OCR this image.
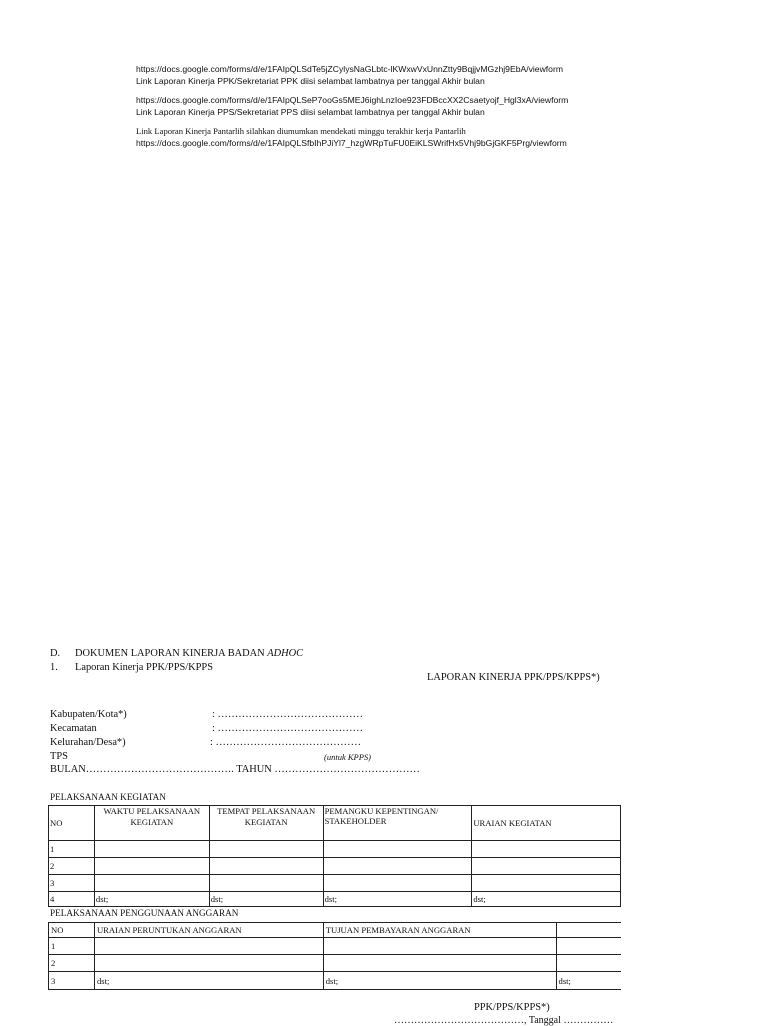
https://docs.google.com/forms/d/e/1FAIpQLSdTe5jZCylysNaGLbtc-lKWxwVxUnnZtty9BqjjvMGzhj9EbA/viewform
Link Laporan Kinerja PPK/Sekretariat PPK diisi selambat lambatnya per tanggal Akhir bulan
https://docs.google.com/forms/d/e/1FAIpQLSeP7ooGs5MEJ6ighLnzIoe923FDBccXX2Csaetyojf_Hgl3xA/viewform
Link Laporan Kinerja PPS/Sekretariat PPS diisi selambat lambatnya per tanggal Akhir bulan
Link Laporan Kinerja Pantarlih silahkan diumumkan mendekati minggu terakhir kerja Pantarlih
https://docs.google.com/forms/d/e/1FAIpQLSfbIhPJiYl7_hzgWRpTuFU0EiKLSWrifHx5Vhj9bGjGKF5Prg/viewform
D. DOKUMEN LAPORAN KINERJA BADAN ADHOC
1. Laporan Kinerja PPK/PPS/KPPS
LAPORAN KINERJA PPK/PPS/KPPS*)
Kabupaten/Kota*)	: ……………………………………
Kecamatan	: ……………………………………
Kelurahan/Desa*)	: ……………………………………
TPS	(untuk KPPS)
BULAN……………………………………. TAHUN ……………………………………
PELAKSANAAN KEGIATAN
NO	WAKTU PELAKSANAAN KEGIATAN	TEMPAT PELAKSANAAN KEGIATAN	PEMANGKU KEPENTINGAN/ STAKEHOLDER	URAIAN KEGIATAN
1				
2				
3				
4	dst;	dst;	dst;	dst;
PELAKSANAAN PENGGUNAAN ANGGARAN
NO	URAIAN PERUNTUKAN ANGGARAN	TUJUAN PEMBAYARAN ANGGARAN	
1			
2			
3	dst;	dst;	dst;
PPK/PPS/KPPS*)
…………………………………, Tanggal ……………
